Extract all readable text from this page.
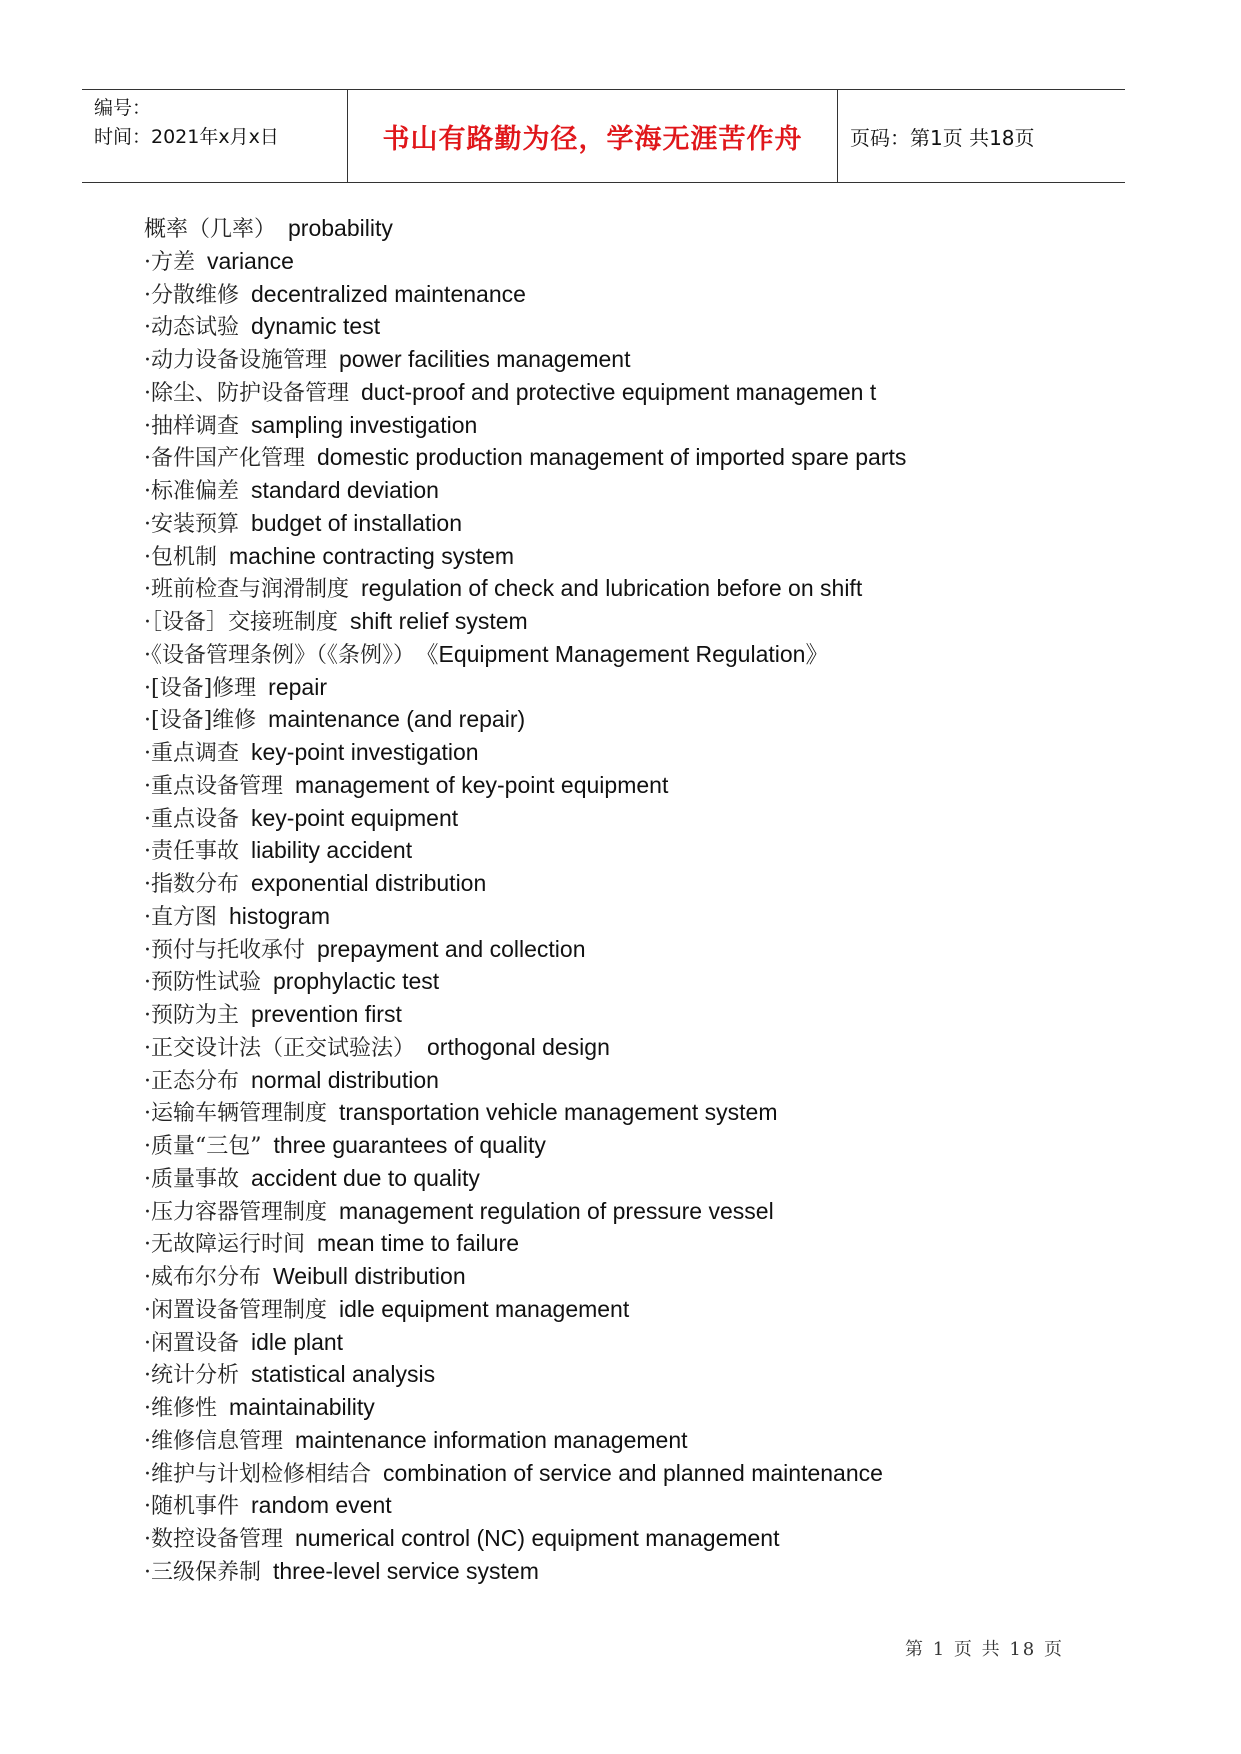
编号：
时间：2021年x月x日	书山有路勤为径，学海无涯苦作舟	页码：第1页 共18页
概率（几率） probability
·方差 variance
·分散维修 decentralized maintenance
·动态试验 dynamic test
·动力设备设施管理 power facilities management
·除尘、防护设备管理 duct-proof and protective equipment managemen t
·抽样调查 sampling investigation
·备件国产化管理 domestic production management of imported spare parts
·标准偏差 standard deviation
·安装预算 budget of installation
·包机制 machine contracting system
·班前检查与润滑制度 regulation of check and lubrication before on shift
·［设备］交接班制度 shift relief system
·《设备管理条例》（《条例》） 《Equipment Management Regulation》
·[设备]修理 repair
·[设备]维修 maintenance (and repair)
·重点调查 key-point investigation
·重点设备管理 management of key-point equipment
·重点设备 key-point equipment
·责任事故 liability accident
·指数分布 exponential distribution
·直方图 histogram
·预付与托收承付 prepayment and collection
·预防性试验 prophylactic test
·预防为主 prevention first
·正交设计法（正交试验法） orthogonal design
·正态分布 normal distribution
·运输车辆管理制度 transportation vehicle management system
·质量“三包” three guarantees of quality
·质量事故 accident due to quality
·压力容器管理制度 management regulation of pressure vessel
·无故障运行时间 mean time to failure
·威布尔分布 Weibull distribution
·闲置设备管理制度 idle equipment management
·闲置设备 idle plant
·统计分析 statistical analysis
·维修性 maintainability
·维修信息管理 maintenance information management
·维护与计划检修相结合 combination of service and planned maintenance
·随机事件 random event
·数控设备管理 numerical control (NC) equipment management
·三级保养制 three-level service system
第 1 页 共 18 页
